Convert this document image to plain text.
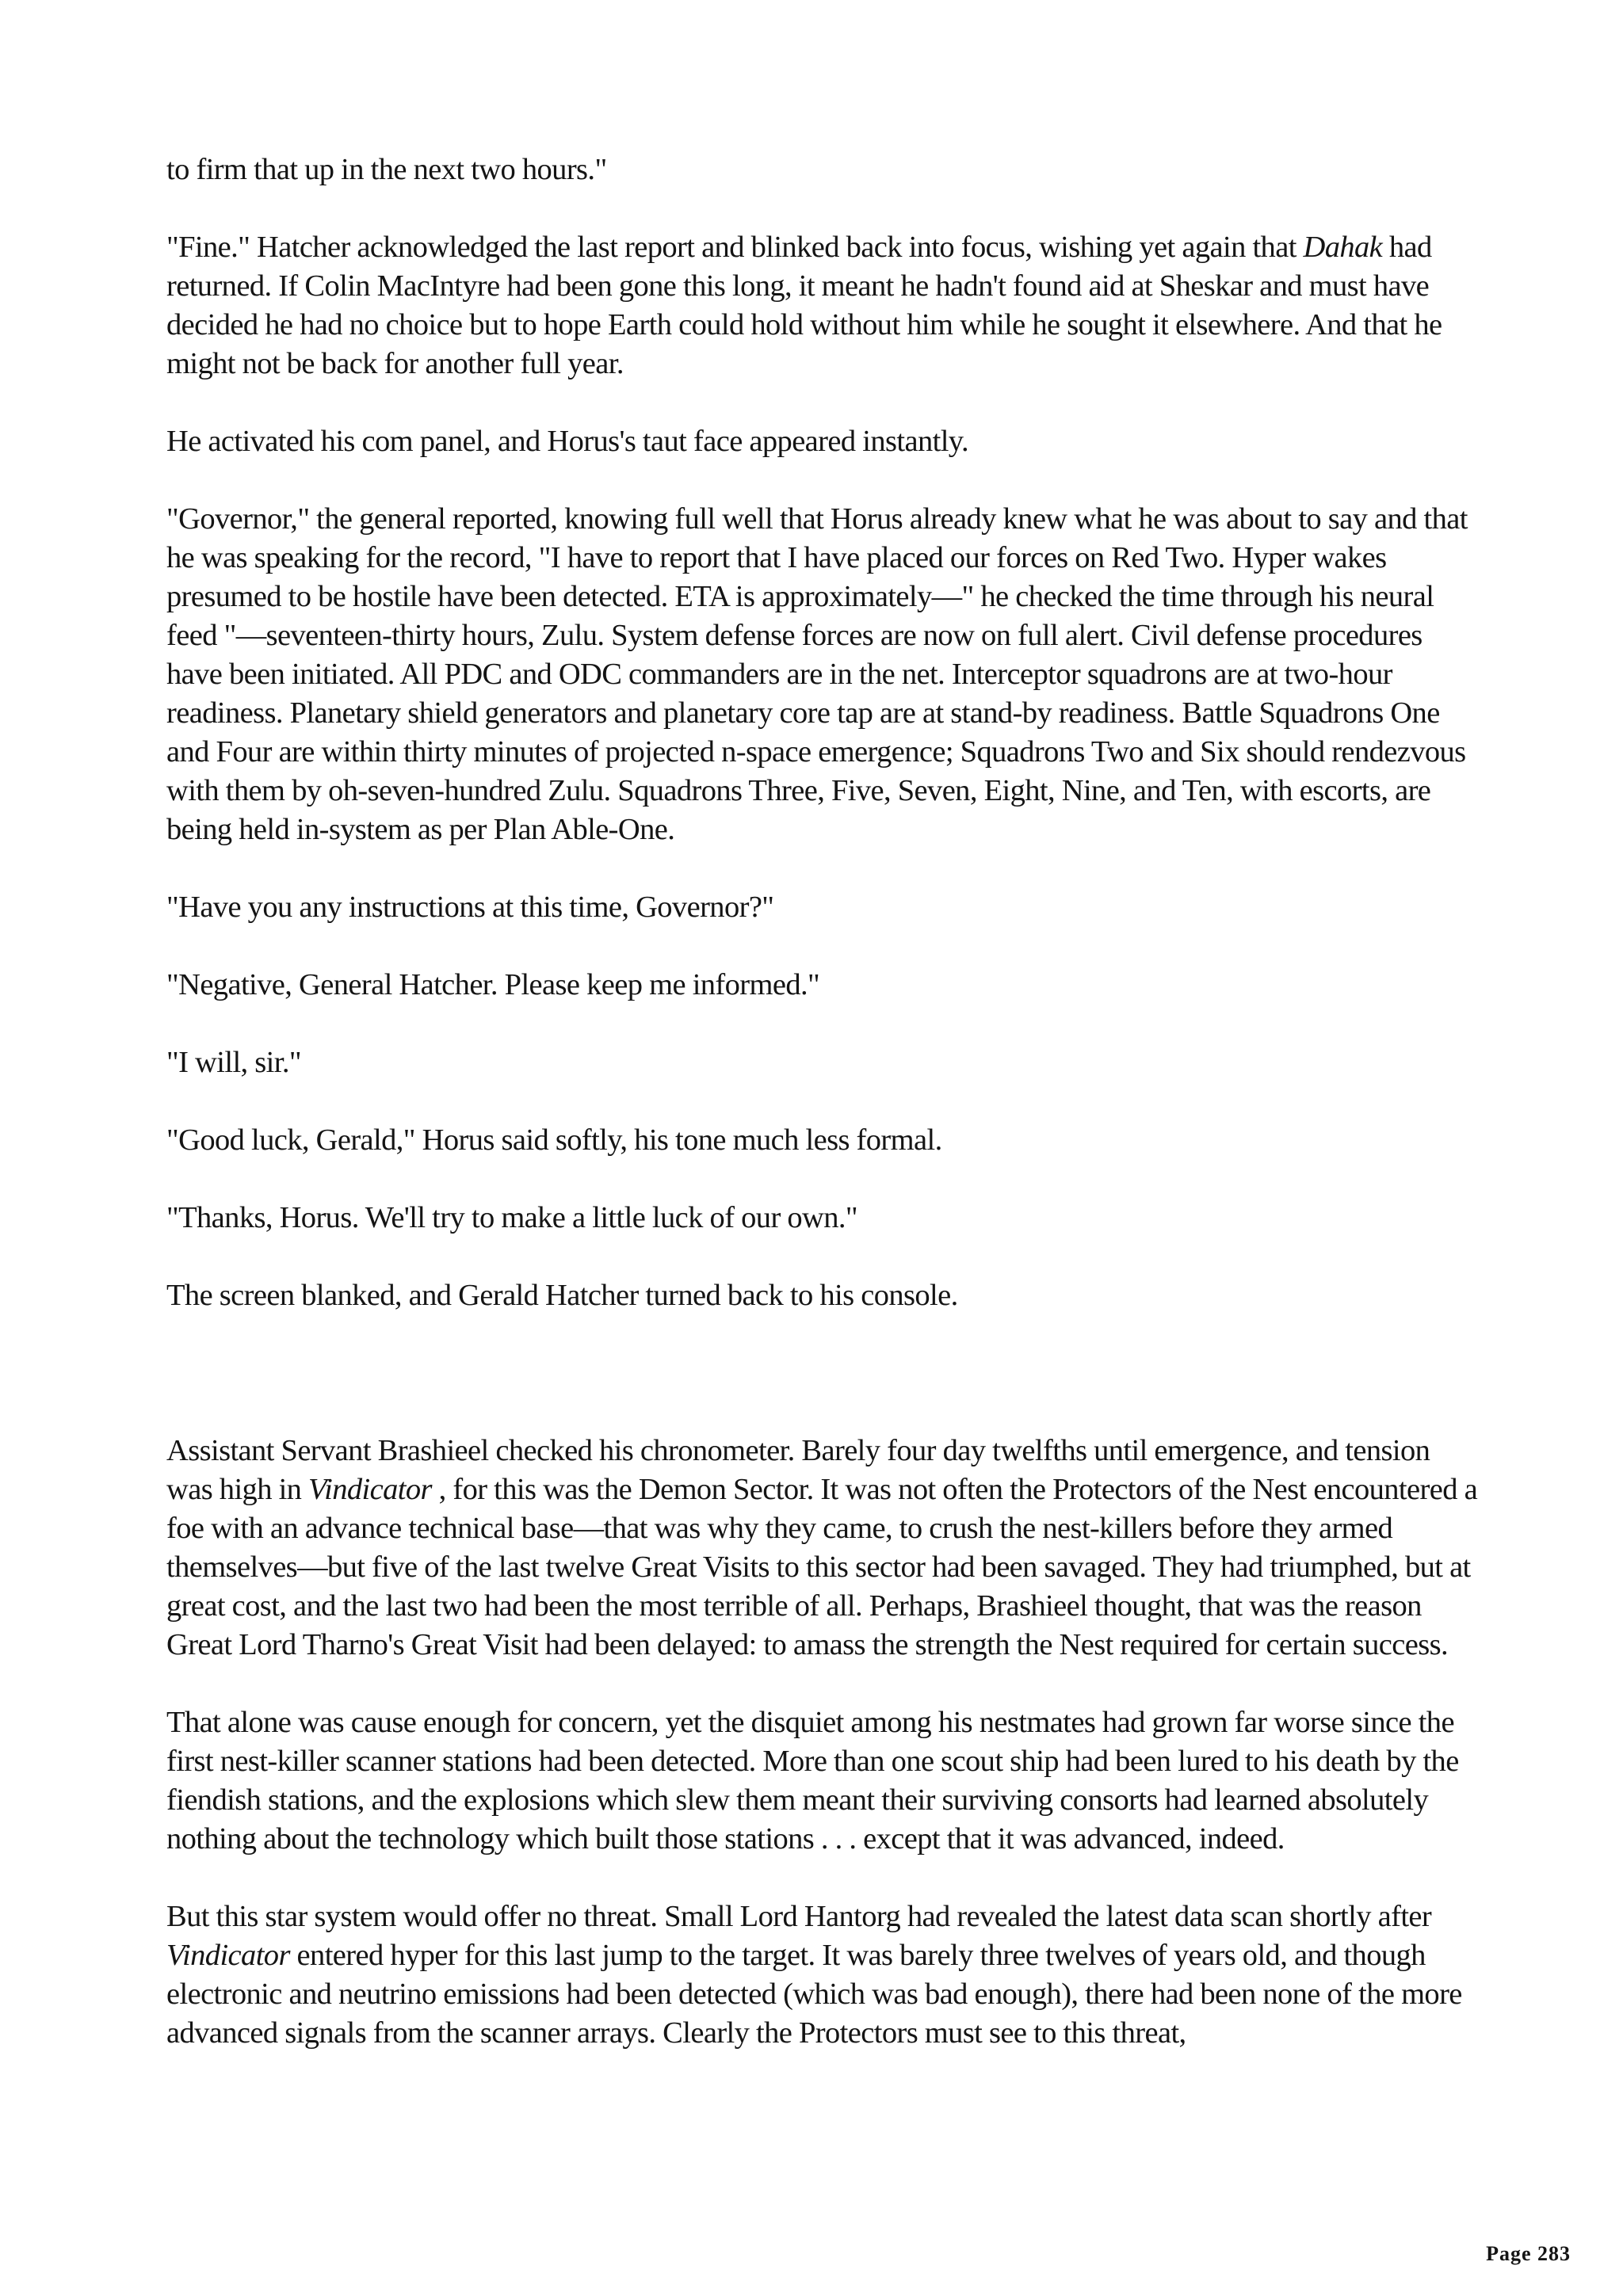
to firm that up in the next two hours."

"Fine." Hatcher acknowledged the last report and blinked back into focus, wishing yet again that Dahak had returned. If Colin MacIntyre had been gone this long, it meant he hadn't found aid at Sheskar and must have decided he had no choice but to hope Earth could hold without him while he sought it elsewhere. And that he might not be back for another full year.

He activated his com panel, and Horus's taut face appeared instantly.

"Governor," the general reported, knowing full well that Horus already knew what he was about to say and that he was speaking for the record, "I have to report that I have placed our forces on Red Two. Hyper wakes presumed to be hostile have been detected. ETA is approximately—" he checked the time through his neural feed "—seventeen-thirty hours, Zulu. System defense forces are now on full alert. Civil defense procedures have been initiated. All PDC and ODC commanders are in the net. Interceptor squadrons are at two-hour readiness. Planetary shield generators and planetary core tap are at stand-by readiness. Battle Squadrons One and Four are within thirty minutes of projected n-space emergence; Squadrons Two and Six should rendezvous with them by oh-seven-hundred Zulu. Squadrons Three, Five, Seven, Eight, Nine, and Ten, with escorts, are being held in-system as per Plan Able-One.

"Have you any instructions at this time, Governor?"

"Negative, General Hatcher. Please keep me informed."

"I will, sir."

"Good luck, Gerald," Horus said softly, his tone much less formal.

"Thanks, Horus. We'll try to make a little luck of our own."

The screen blanked, and Gerald Hatcher turned back to his console.

Assistant Servant Brashieel checked his chronometer. Barely four day twelfths until emergence, and tension was high in Vindicator , for this was the Demon Sector. It was not often the Protectors of the Nest encountered a foe with an advance technical base—that was why they came, to crush the nest-killers before they armed themselves—but five of the last twelve Great Visits to this sector had been savaged. They had triumphed, but at great cost, and the last two had been the most terrible of all. Perhaps, Brashieel thought, that was the reason Great Lord Tharno's Great Visit had been delayed: to amass the strength the Nest required for certain success.

That alone was cause enough for concern, yet the disquiet among his nestmates had grown far worse since the first nest-killer scanner stations had been detected. More than one scout ship had been lured to his death by the fiendish stations, and the explosions which slew them meant their surviving consorts had learned absolutely nothing about the technology which built those stations . . . except that it was advanced, indeed.

But this star system would offer no threat. Small Lord Hantorg had revealed the latest data scan shortly after Vindicator entered hyper for this last jump to the target. It was barely three twelves of years old, and though electronic and neutrino emissions had been detected (which was bad enough), there had been none of the more advanced signals from the scanner arrays. Clearly the Protectors must see to this threat,

Page 283
